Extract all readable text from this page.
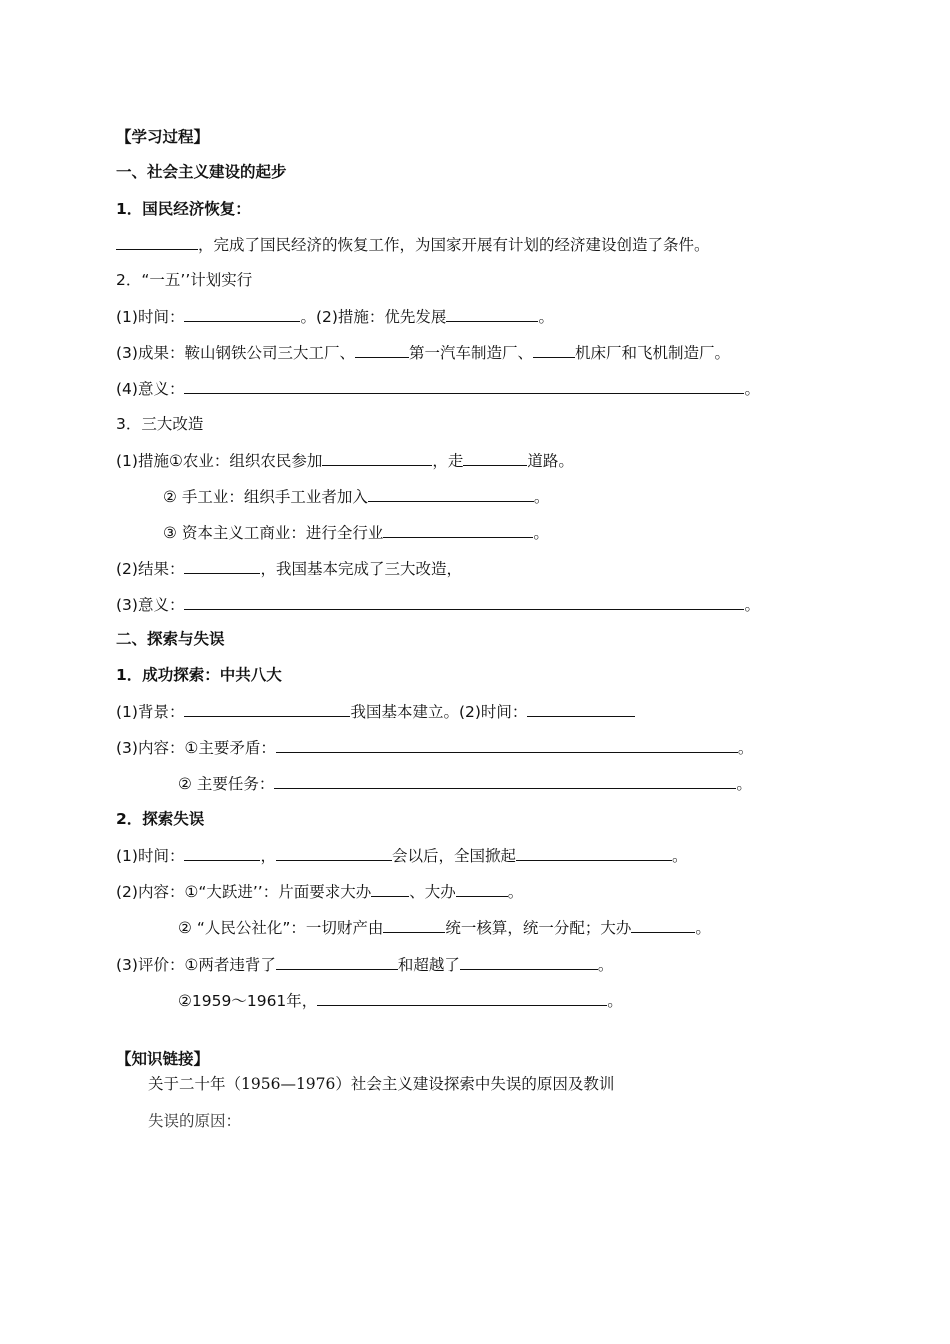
【学习过程】
一、社会主义建设的起步
1．国民经济恢复：
，完成了国民经济的恢复工作，为国家开展有计划的经济建设创造了条件。
2．“一五’’计划实行
(1)时间：	。(2)措施：优先发展	。
(3)成果：鞍山钢铁公司三大工厂、	第一汽车制造厂、	机床厂和飞机制造厂。
(4)意义：	。
3．三大改造
(1)措施①农业：组织农民参加	，走	道路。
② 手工业：组织手工业者加入	。
③ 资本主义工商业：进行全行业	。
(2)结果：	，我国基本完成了三大改造，
(3)意义：	。
二、探索与失误
1．成功探索：中共八大
(1)背景：	我国基本建立。(2)时间：
(3)内容：①主要矛盾：	。
② 主要任务：	。
2．探索失误
(1)时间：	，	会以后，全国掀起	。
(2)内容：①“大跃进’’：片面要求大办 、大办	。
② “人民公社化”：一切财产由	统一核算，统一分配；大办	。
(3)评价：①两者违背了	和超越了	。
②1959～1961年，	。
【知识链接】
关于二十年（1956—1976）社会主义建设探索中失误的原因及教训
失误的原因：
